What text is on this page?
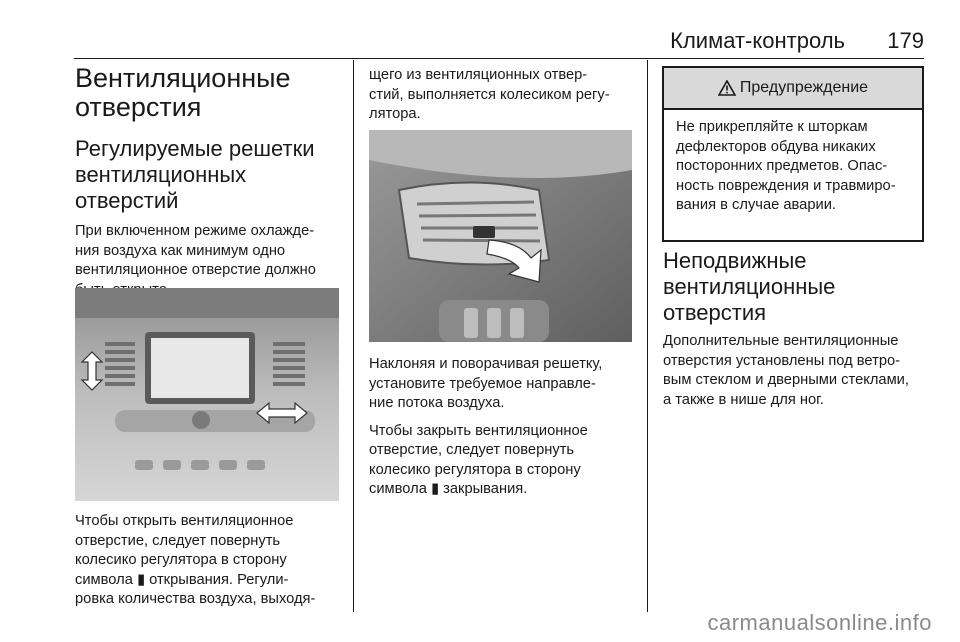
Климат-контроль 179
Вентиляционные
отверстия
Регулируемые решетки
вентиляционных
отверстий

При включенном режиме охлажде‐
ния воздуха как минимум одно
вентиляционное отверстие должно

Чтобы открыть вентиляционное
отверстие, следует повернуть
колесико регулятора в сторону
символа ▮ открывания. Регули‐
ровка количества воздуха, выходя‐

щего из вентиляционных отвер‐
стий, выполняется колесиком регу‐
лятора.

Наклоняя и поворачивая решетку,
установите требуемое направле‐
ние потока воздуха.

Чтобы закрыть вентиляционное
отверстие, следует повернуть
колесико регулятора в сторону
символа ▮ закрывания.

Предупреждение

Не прикрепляйте к шторкам
дефлекторов обдува никаких
посторонних предметов. Опас‐
ность повреждения и травмиро‐
вания в случае аварии.

Неподвижные
вентиляционные
отверстия

Дополнительные вентиляционные
отверстия установлены под ветро‐
вым стеклом и дверными стеклами,
а также в нише для ног.

carmanualsonline.info
